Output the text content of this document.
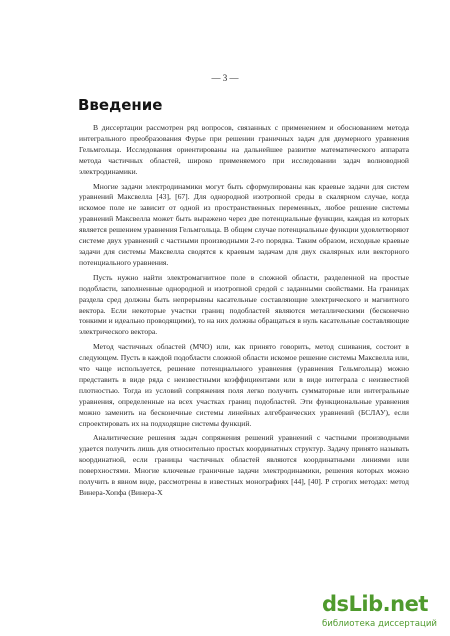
— 3 —
Введение

В диссертации рассмотрен ряд вопросов, связанных с применением и обоснованием метода интегрального преобразования Фурье при решении граничных задач для двумерного уравнения Гельмгольца. Исследования ориентированы на дальнейшее развитие математического аппарата метода частичных областей, широко применяемого при исследовании задач волноводной электродинамики.

Многие задачи электродинамики могут быть сформулированы как краевые задачи для систем уравнений Максвелла [43], [67]. Для однородной изотропной среды в скалярном случае, когда искомое поле не зависит от одной из пространственных переменных, любое решение системы уравнений Максвелла может быть выражено через две потенциальные функции, каждая из которых является решением уравнения Гельмгольца. В общем случае потенциальные функции удовлетворяют системе двух уравнений с частными производными 2-го порядка. Таким образом, исходные краевые задачи для системы Максвелла сводятся к краевым задачам для двух скалярных или векторного потенциального уравнения.

Пусть нужно найти электромагнитное поле в сложной области, разделенной на простые подобласти, заполненные однородной и изотропной средой с заданными свойствами. На границах раздела сред должны быть непрерывны касательные составляющие электрического и магнитного вектора. Если некоторые участки границ подобластей являются металлическими (бесконечно тонкими и идеально проводящими), то на них должны обращаться в нуль касательные составляющие электрического вектора.

Метод частичных областей (МЧО) или, как принято говорить, метод сшивания, состоит в следующем. Пусть в каждой подобласти сложной области искомое решение системы Максвелла или, что чаще используется, решение потенциального уравнения (уравнения Гельмгольца) можно представить в виде ряда с неизвестными коэффициентами или в виде интеграла с неизвестной плотностью. Тогда из условий сопряжения поля легко получить сумматорные или интегральные уравнения, определенные на всех участках границ подобластей. Эти функциональные уравнения можно заменить на бесконечные системы линейных алгебраических уравнений (БСЛАУ), если спроектировать их на подходящие системы функций.

Аналитические решения задач сопряжения решений уравнений с частными производными удается получить лишь для относительно простых координатных структур. Задачу принято называть координатной, если границы частичных областей являются координатными линиями или поверхностями. Многие ключевые граничные задачи электродинамики, решения которых можно получить в явном виде, рассмотрены в известных монографиях [44], [40]. Р строгих методах: метод Винера-Хопфа (Винера-Х

dsLib.net
библиотека диссертаций
